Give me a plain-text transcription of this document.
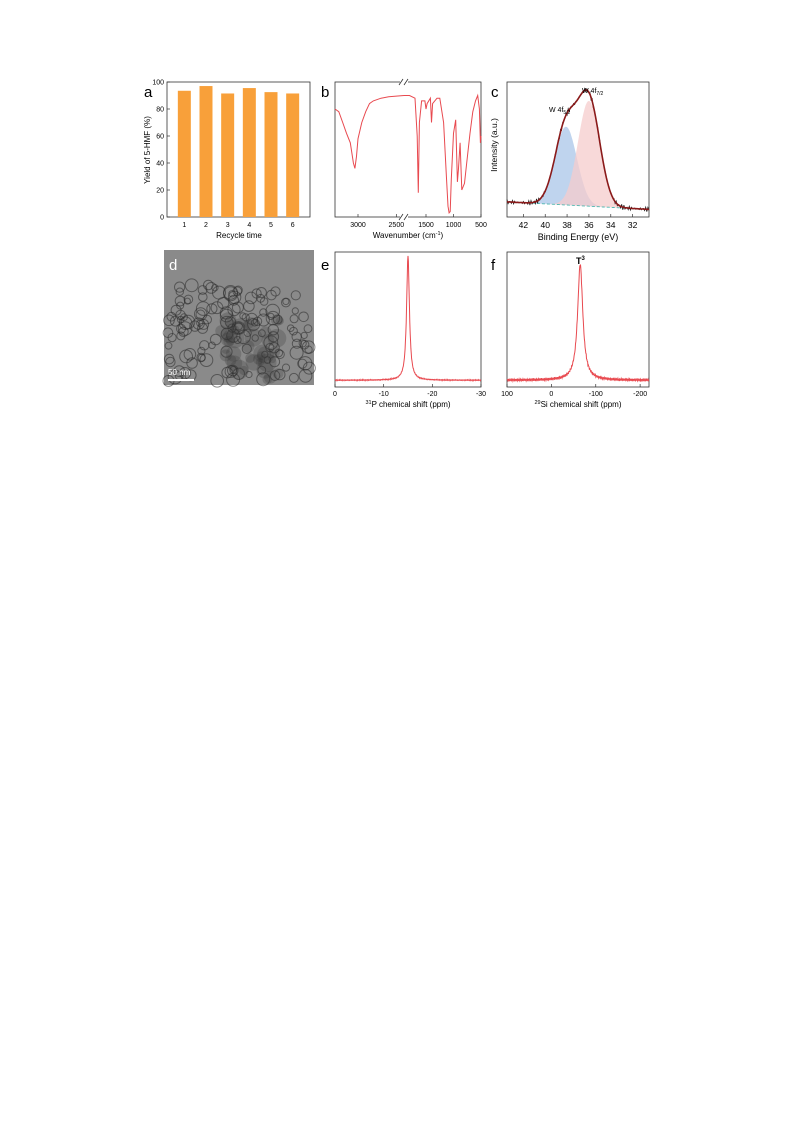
a
0
20
40
60
80
100
1	2	3	4	5	6
Recycle time
Yield of 5-HMF (%)
b
3000	2500 1500 1000 500
Wavenumber $(cm^{-1})$
c
42 40 38 36 34 32
W $4f_{5/2}$
W $4f_{7/2}$
Binding Energy (eV)
Intensity (a.u.)
d
50 nm
e
0	-10	-20	-30
$^{31}$P chemical shift (ppm)
f
100	0	-100	-200
$T^3$
$^{29}$Si chemical shift (ppm)
